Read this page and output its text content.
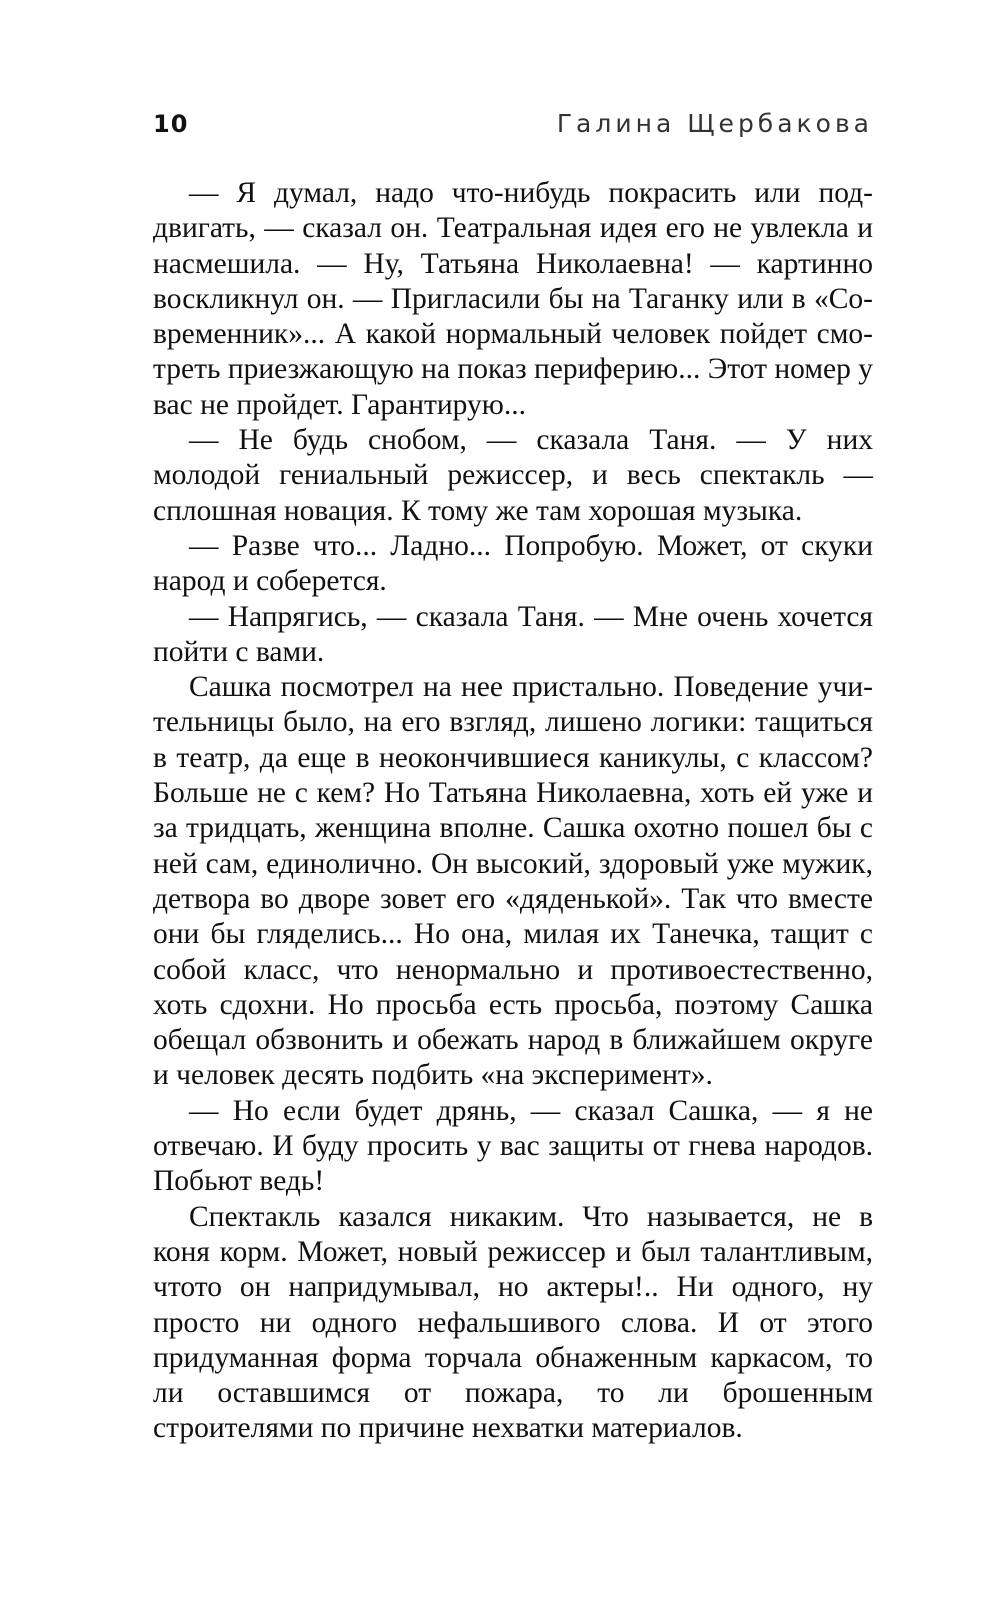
10	Галина Щербакова

— Я думал, надо что-нибудь покрасить или поддвигать, — сказал он. Театральная идея его не увлекла и насмешила. — Ну, Татьяна Николаевна! — картинно воскликнул он. — Пригласили бы на Таганку или в «Современник»... А какой нормальный человек пойдет смотреть приезжающую на показ периферию... Этот номер у вас не пройдет. Гарантирую...

— Не будь снобом, — сказала Таня. — У них молодой гениальный режиссер, и весь спектакль — сплошная новация. К тому же там хорошая музыка.

— Разве что... Ладно... Попробую. Может, от скуки народ и соберется.

— Напрягись, — сказала Таня. — Мне очень хочется пойти с вами.

Сашка посмотрел на нее пристально. Поведение учительницы было, на его взгляд, лишено логики: тащиться в театр, да еще в неокончившиеся каникулы, с классом? Больше не с кем? Но Татьяна Николаевна, хоть ей уже и за тридцать, женщина вполне. Сашка охотно пошел бы с ней сам, единолично. Он высокий, здоровый уже мужик, детвора во дворе зовет его «дяденькой». Так что вместе они бы гляделись... Но она, милая их Танечка, тащит с собой класс, что ненормально и противоестественно, хоть сдохни. Но просьба есть просьба, поэтому Сашка обещал обзвонить и обежать народ в ближайшем округе и человек десять подбить «на эксперимент».

— Но если будет дрянь, — сказал Сашка, — я не отвечаю. И буду просить у вас защиты от гнева народов. Побьют ведь!

Спектакль казался никаким. Что называется, не в коня корм. Может, новый режиссер и был талантливым, чтото он напридумывал, но актеры!.. Ни одного, ну просто ни одного нефальшивого слова. И от этого придуманная форма торчала обнаженным каркасом, то ли оставшимся от пожара, то ли брошенным строителями по причине нехватки материалов.
